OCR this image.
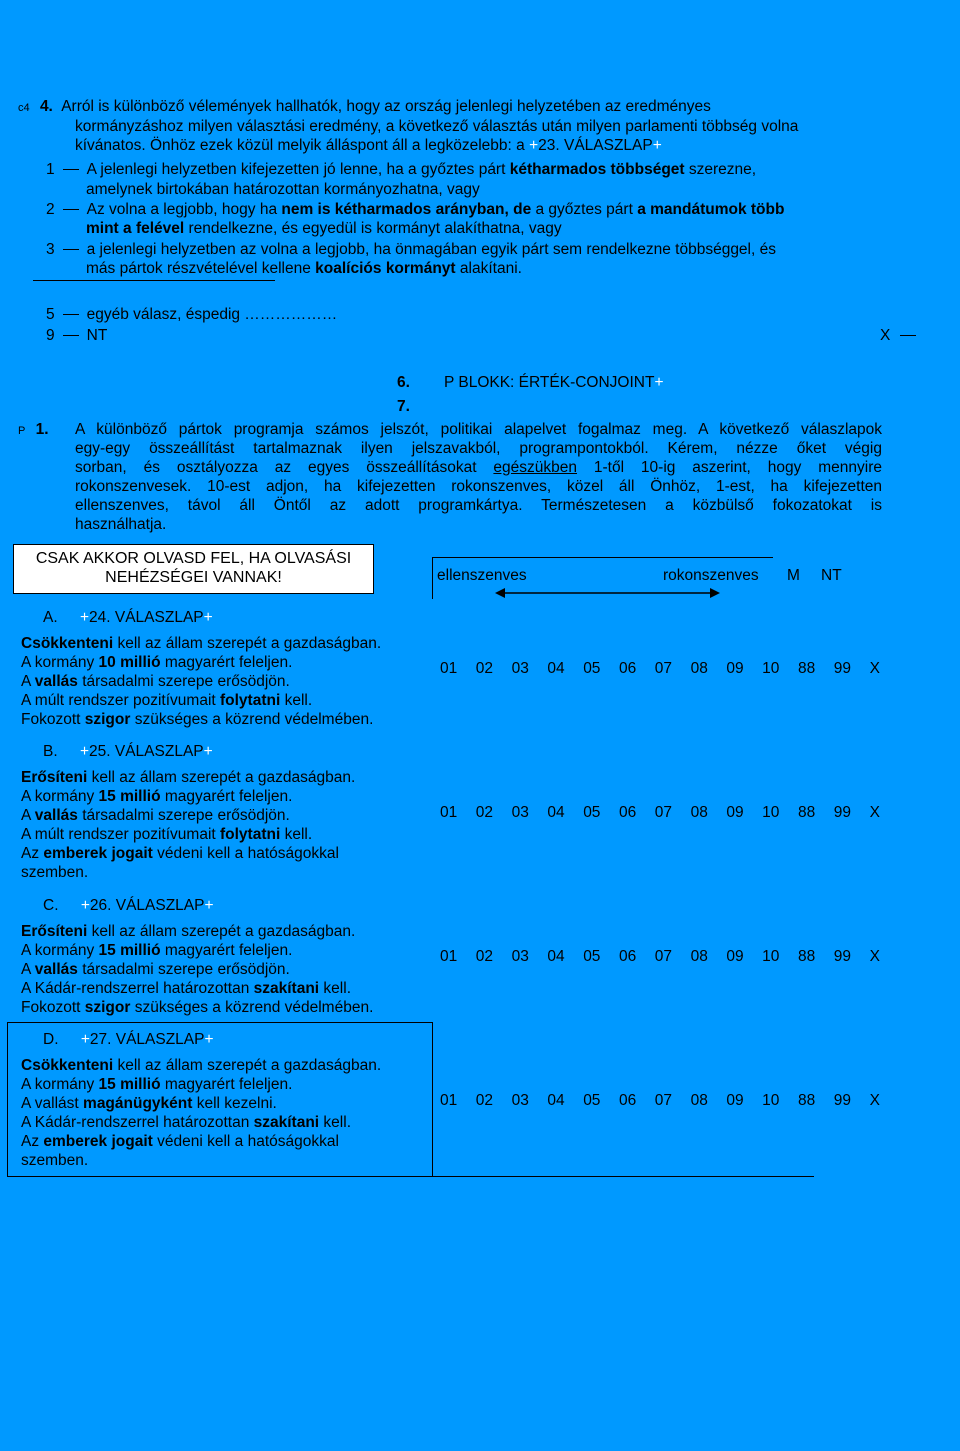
c4 4. Arról is különböző vélemények hallhatók, hogy az ország jelenlegi helyzetében az eredményes
kormányzáshoz milyen választási eredmény, a következő választás után milyen parlamenti többség volna
kívánatos. Önhöz ezek közül melyik álláspont áll a legközelebb: a +23. VÁLASZLAP+
1 A jelenlegi helyzetben kifejezetten jó lenne, ha a győztes párt kétharmados többséget szerezne,
amelynek birtokában határozottan kormányozhatna, vagy
2 Az volna a legjobb, hogy ha nem is kétharmados arányban, de a győztes párt a mandátumok több
mint a felével rendelkezne, és egyedül is kormányt alakíthatna, vagy
3 a jelenlegi helyzetben az volna a legjobb, ha önmagában egyik párt sem rendelkezne többséggel, és
más pártok részvételével kellene koalíciós kormányt alakítani.
5 egyéb válasz, éspedig ………………
9 NT	X
6. P BLOKK: ÉRTÉK-CONJOINT+
7.
P 1. A különböző pártok programja számos jelszót, politikai alapelvet fogalmaz meg. A következő válaszlapok
egy-egy összeállítást tartalmaznak ilyen jelszavakból, programpontokból. Kérem, nézze őket végig
sorban, és osztályozza az egyes összeállításokat egészükben 1-től 10-ig aszerint, hogy mennyire
rokonszenvesek. 10-est adjon, ha kifejezetten rokonszenves, közel áll Önhöz, 1-est, ha kifejezetten
ellenszenves, távol áll Öntől az adott programkártya. Természetesen a közbülső fokozatokat is
használhatja.
CSAK AKKOR OLVASD FEL, HA OLVASÁSI
NEHÉZSÉGEI VANNAK!	ellenszenves	rokonszenves M NT
A. +24. VÁLASZLAP+
Csökkenteni kell az állam szerepét a gazdaságban.
A kormány 10 millió magyarért feleljen.
A vallás társadalmi szerepe erősödjön.
A múlt rendszer pozitívumait folytatni kell.
Fokozott szigor szükséges a közrend védelmében.
01 02 03 04 05 06 07 08 09 10 88 99 X
B. +25. VÁLASZLAP+
Erősíteni kell az állam szerepét a gazdaságban.
A kormány 15 millió magyarért feleljen.
A vallás társadalmi szerepe erősödjön.
A múlt rendszer pozitívumait folytatni kell.
Az emberek jogait védeni kell a hatóságokkal
szemben.
01 02 03 04 05 06 07 08 09 10 88 99 X
C. +26. VÁLASZLAP+
Erősíteni kell az állam szerepét a gazdaságban.
A kormány 15 millió magyarért feleljen.
A vallás társadalmi szerepe erősödjön.
A Kádár-rendszerrel határozottan szakítani kell.
Fokozott szigor szükséges a közrend védelmében.
01 02 03 04 05 06 07 08 09 10 88 99 X
D. +27. VÁLASZLAP+
Csökkenteni kell az állam szerepét a gazdaságban.
A kormány 15 millió magyarért feleljen.
A vallást magánügyként kell kezelni.
A Kádár-rendszerrel határozottan szakítani kell.
Az emberek jogait védeni kell a hatóságokkal
szemben.
01 02 03 04 05 06 07 08 09 10 88 99 X
